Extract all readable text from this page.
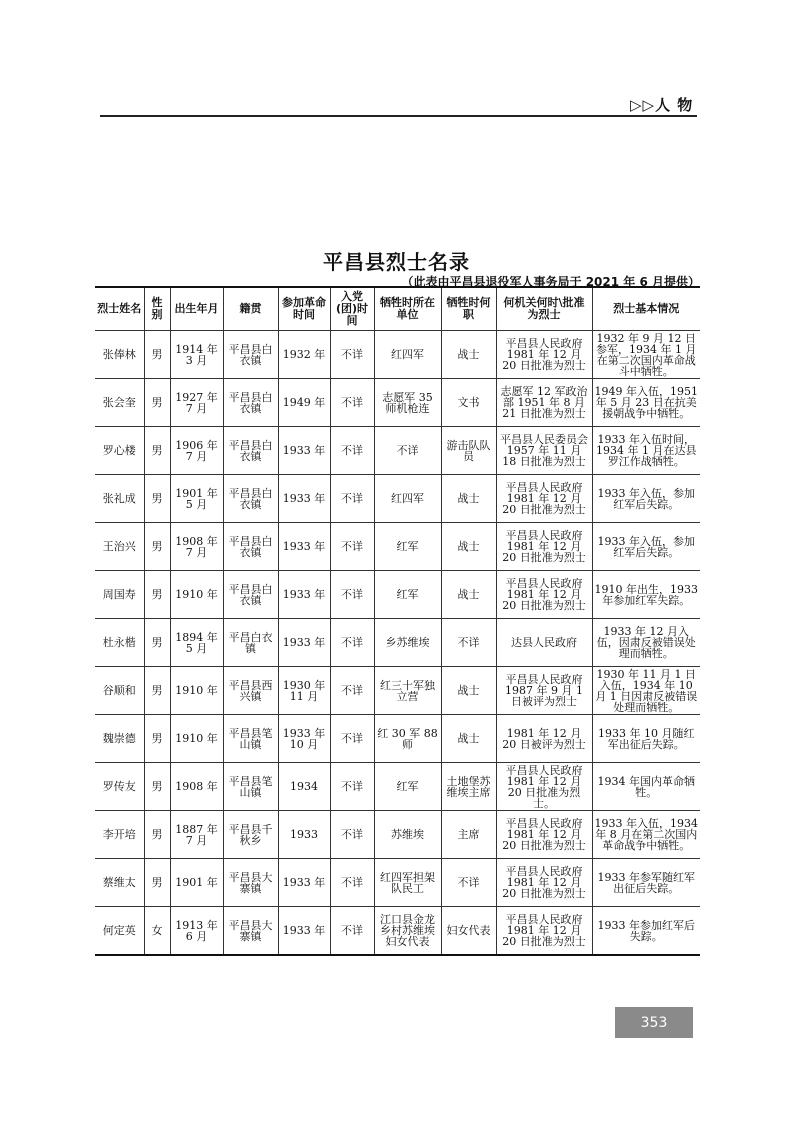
▷▷人 物
平昌县烈士名录
（此表由平昌县退役军人事务局于 2021 年 6 月提供）
烈士姓名	性别	出生年月	籍贯	参加革命时间	入党(团)时间	牺牲时所在单位	牺牲时何职	何机关何时\批准为烈士	烈士基本情况
张俸林	男	1914 年 3 月	平昌县白衣镇	1932 年	不详	红四军	战士	平昌县人民政府 1981 年 12 月 20 日批准为烈士	1932 年 9 月 12 日参军，1934 年 1 月在第二次国内革命战斗中牺牲。
张会奎	男	1927 年 7 月	平昌县白衣镇	1949 年	不详	志愿军 35 师机枪连	文书	志愿军 12 军政治部 1951 年 8 月 21 日批准为烈士	1949 年入伍，1951 年 5 月 23 日在抗美援朝战争中牺牲。
罗心楼	男	1906 年 7 月	平昌县白衣镇	1933 年	不详	不详	游击队队员	平昌县人民委员会 1957 年 11 月 18 日批准为烈士	1933 年入伍时间，1934 年 1 月在达县罗江作战牺牲。
张礼成	男	1901 年 5 月	平昌县白衣镇	1933 年	不详	红四军	战士	平昌县人民政府 1981 年 12 月 20 日批准为烈士	1933 年入伍，参加红军后失踪。
王治兴	男	1908 年 7 月	平昌县白衣镇	1933 年	不详	红军	战士	平昌县人民政府 1981 年 12 月 20 日批准为烈士	1933 年入伍，参加红军后失踪。
周国寿	男	1910 年	平昌县白衣镇	1933 年	不详	红军	战士	平昌县人民政府 1981 年 12 月 20 日批准为烈士	1910 年出生，1933 年参加红军失踪。
杜永楷	男	1894 年 5 月	平昌白衣镇	1933 年	不详	乡苏维埃	不详	达县人民政府	1933 年 12 月入伍，因肃反被错误处理而牺牲。
谷顺和	男	1910 年	平昌县西兴镇	1930 年 11 月	不详	红三十军独立营	战士	平昌县人民政府 1987 年 9 月 1 日被评为烈士	1930 年 11 月 1 日入伍，1934 年 10 月 1 日因肃反被错误处理而牺牲。
魏崇德	男	1910 年	平昌县笔山镇	1933 年 10 月	不详	红 30 军 88 师	战士	1981 年 12 月 20 日被评为烈士	1933 年 10 月随红军出征后失踪。
罗传友	男	1908 年	平昌县笔山镇	1934	不详	红军	土地堡苏维埃主席	平昌县人民政府 1981 年 12 月 20 日批准为烈士。	1934 年国内革命牺牲。
李开培	男	1887 年 7 月	平昌县千秋乡	1933	不详	苏维埃	主席	平昌县人民政府 1981 年 12 月 20 日批准为烈士	1933 年入伍，1934 年 8 月在第二次国内革命战争中牺牲。
蔡维太	男	1901 年	平昌县大寨镇	1933 年	不详	红四军担架队民工	不详	平昌县人民政府 1981 年 12 月 20 日批准为烈士	1933 年参军随红军出征后失踪。
何定英	女	1913 年 6 月	平昌县大寨镇	1933 年	不详	江口县金龙乡村苏维埃妇女代表	妇女代表	平昌县人民政府 1981 年 12 月 20 日批准为烈士	1933 年参加红军后失踪。
353
